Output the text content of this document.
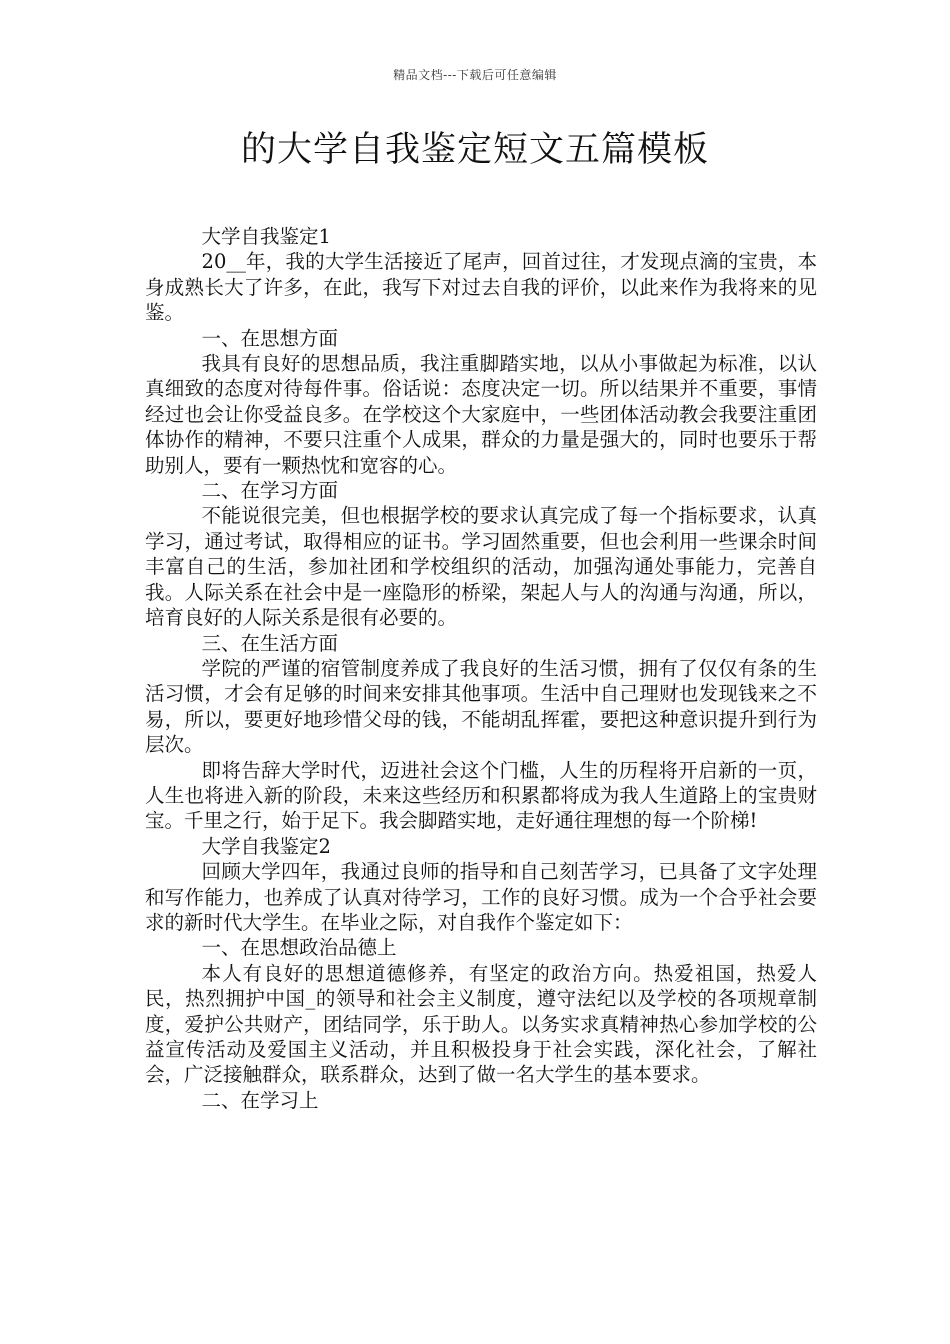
精品文档---下载后可任意编辑
的大学自我鉴定短文五篇模板

大学自我鉴定1

20__年，我的大学生活接近了尾声，回首过往，才发现点滴的宝贵，本身成熟长大了许多，在此，我写下对过去自我的评价，以此来作为我将来的见鉴。

一、在思想方面

我具有良好的思想品质，我注重脚踏实地，以从小事做起为标准，以认真细致的态度对待每件事。俗话说：态度决定一切。所以结果并不重要，事情经过也会让你受益良多。在学校这个大家庭中，一些团体活动教会我要注重团体协作的精神，不要只注重个人成果，群众的力量是强大的，同时也要乐于帮助别人，要有一颗热忱和宽容的心。

二、在学习方面

不能说很完美，但也根据学校的要求认真完成了每一个指标要求，认真学习，通过考试，取得相应的证书。学习固然重要，但也会利用一些课余时间丰富自己的生活，参加社团和学校组织的活动，加强沟通处事能力，完善自我。人际关系在社会中是一座隐形的桥梁，架起人与人的沟通与沟通，所以，培育良好的人际关系是很有必要的。

三、在生活方面

学院的严谨的宿管制度养成了我良好的生活习惯，拥有了仅仅有条的生活习惯，才会有足够的时间来安排其他事项。生活中自己理财也发现钱来之不易，所以，要更好地珍惜父母的钱，不能胡乱挥霍，要把这种意识提升到行为层次。

即将告辞大学时代，迈进社会这个门槛，人生的历程将开启新的一页，人生也将进入新的阶段，未来这些经历和积累都将成为我人生道路上的宝贵财宝。千里之行，始于足下。我会脚踏实地，走好通往理想的每一个阶梯!

大学自我鉴定2

回顾大学四年，我通过良师的指导和自己刻苦学习，已具备了文字处理和写作能力，也养成了认真对待学习，工作的良好习惯。成为一个合乎社会要求的新时代大学生。在毕业之际，对自我作个鉴定如下：

一、在思想政治品德上

本人有良好的思想道德修养，有坚定的政治方向。热爱祖国，热爱人民，热烈拥护中国_的领导和社会主义制度，遵守法纪以及学校的各项规章制度，爱护公共财产，团结同学，乐于助人。以务实求真精神热心参加学校的公益宣传活动及爱国主义活动，并且积极投身于社会实践，深化社会，了解社会，广泛接触群众，联系群众，达到了做一名大学生的基本要求。

二、在学习上
